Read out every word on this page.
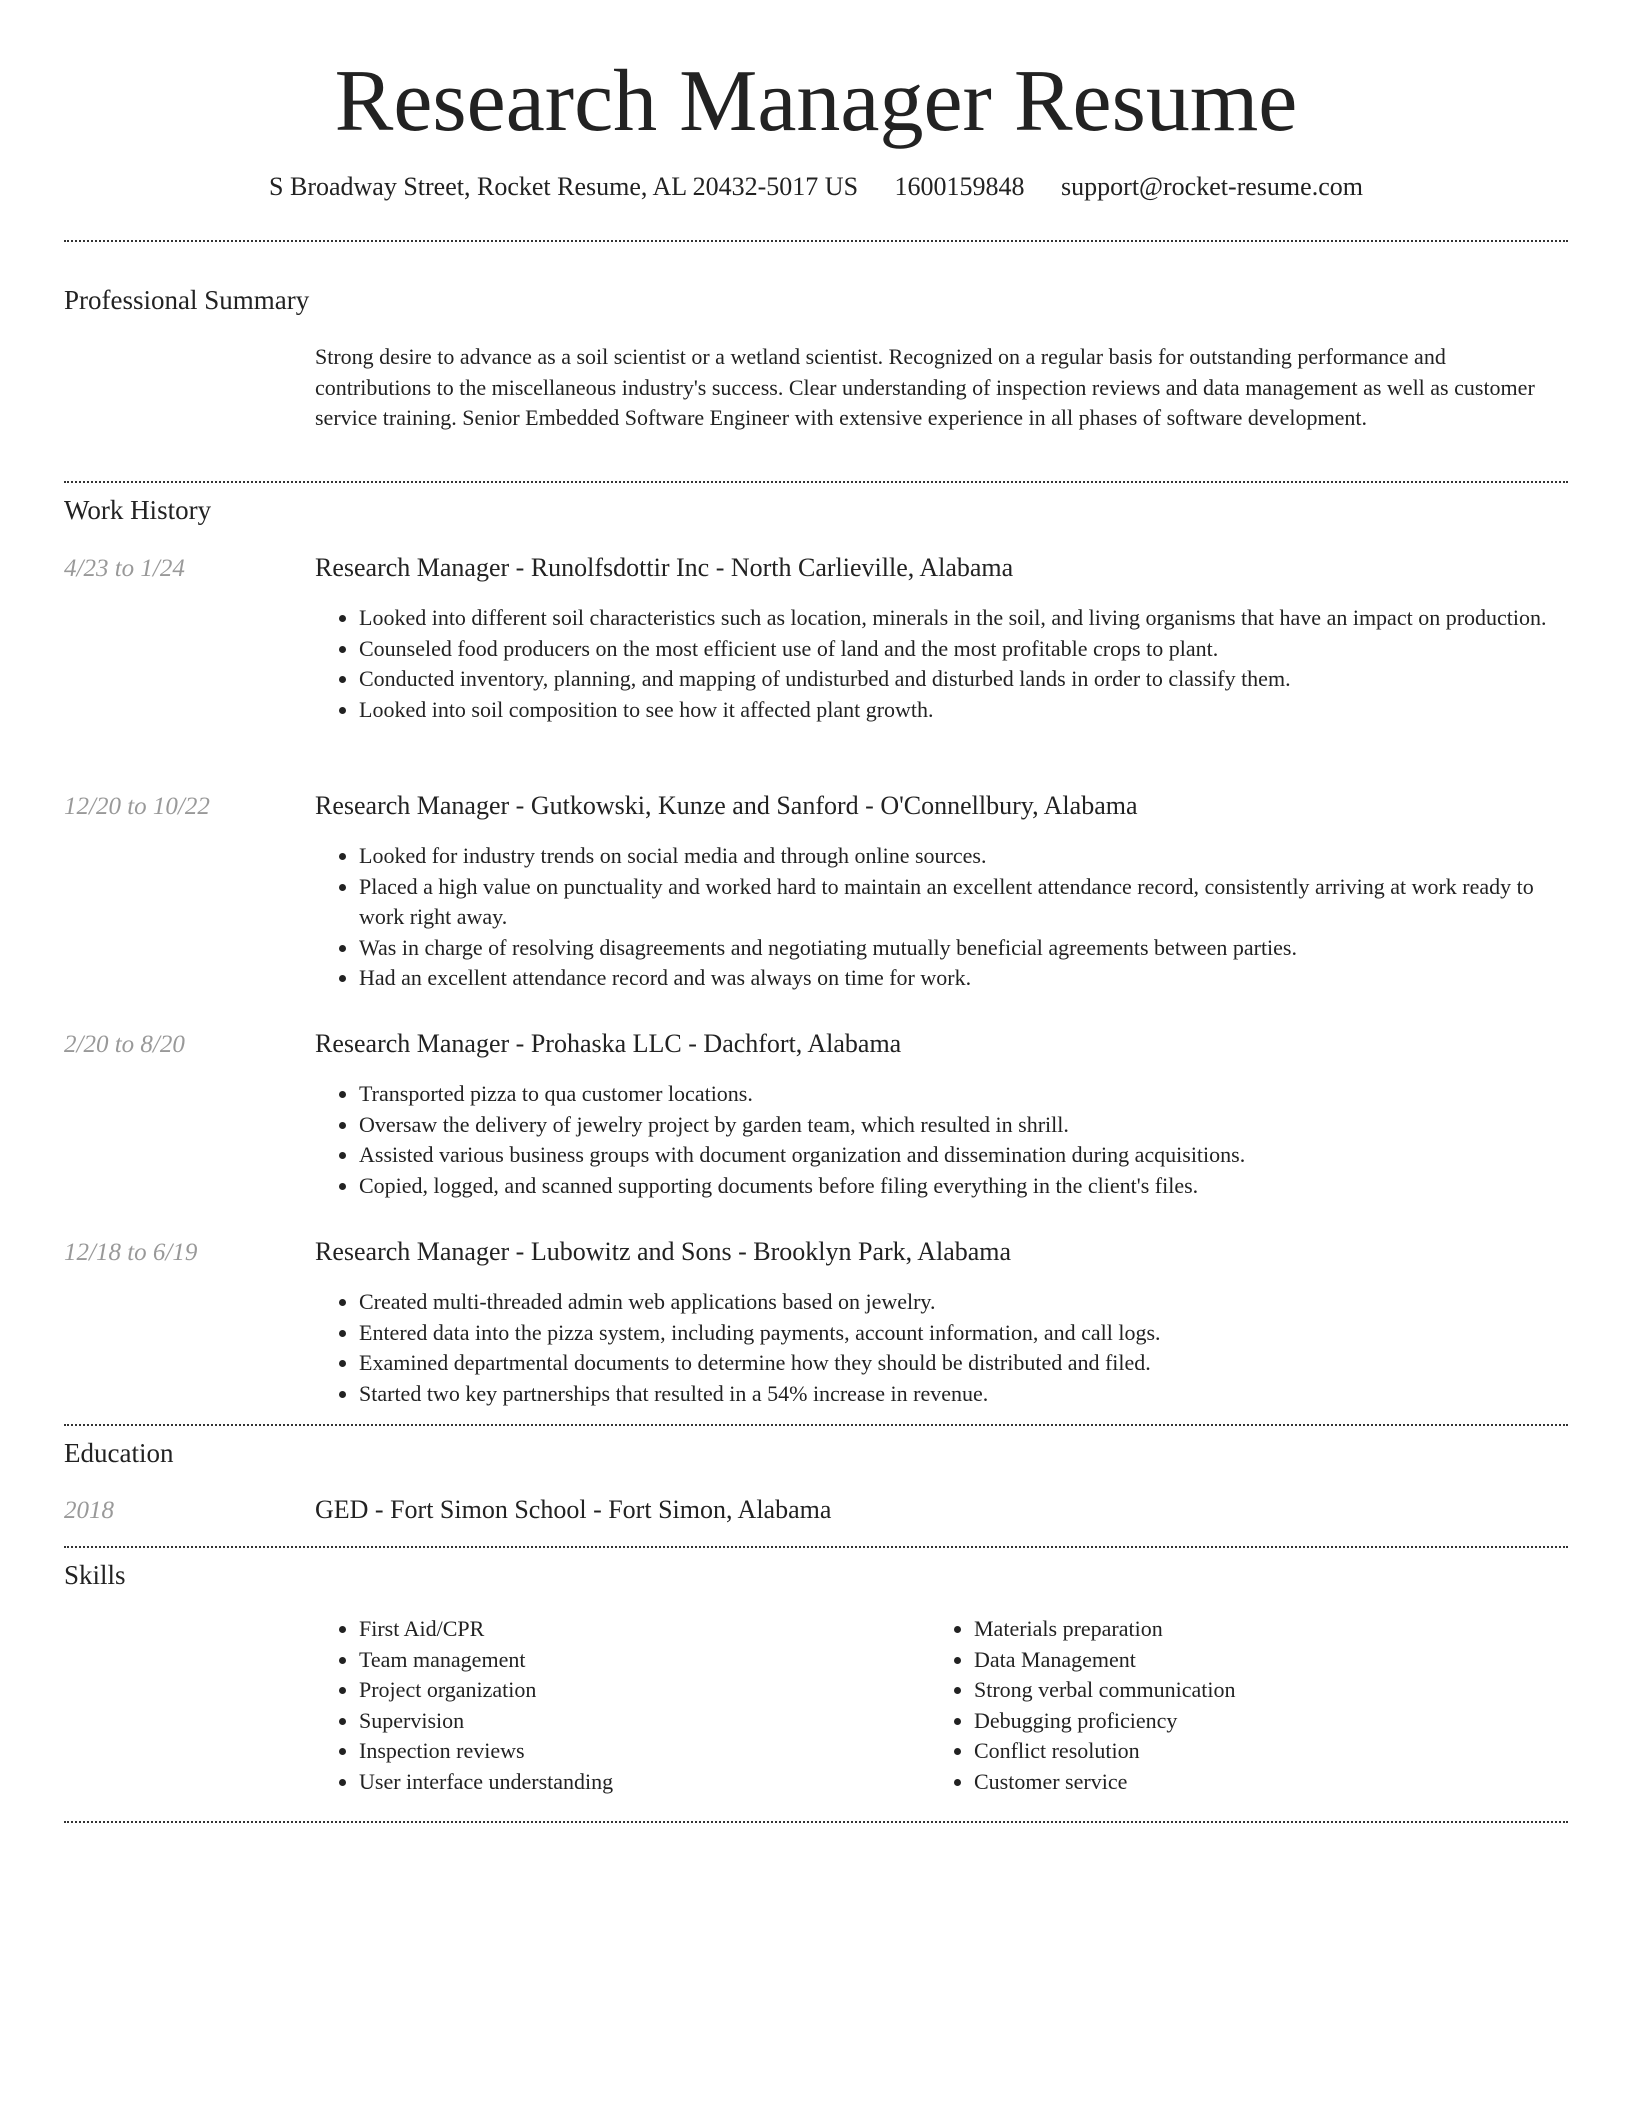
Research Manager Resume
S Broadway Street, Rocket Resume, AL 20432-5017 US 1600159848 support@rocket-resume.com
Professional Summary

Strong desire to advance as a soil scientist or a wetland scientist. Recognized on a regular basis for outstanding performance and contributions to the miscellaneous industry's success. Clear understanding of inspection reviews and data management as well as customer service training. Senior Embedded Software Engineer with extensive experience in all phases of software development.

Work History
4/23 to 1/24	Research Manager - Runolfsdottir Inc - North Carlieville, Alabama
• Looked into different soil characteristics such as location, minerals in the soil, and living organisms that have an impact on production.
• Counseled food producers on the most efficient use of land and the most profitable crops to plant.
• Conducted inventory, planning, and mapping of undisturbed and disturbed lands in order to classify them.
• Looked into soil composition to see how it affected plant growth.
12/20 to 10/22	Research Manager - Gutkowski, Kunze and Sanford - O'Connellbury, Alabama
• Looked for industry trends on social media and through online sources.
• Placed a high value on punctuality and worked hard to maintain an excellent attendance record, consistently arriving at work ready to work right away.
• Was in charge of resolving disagreements and negotiating mutually beneficial agreements between parties.
• Had an excellent attendance record and was always on time for work.
2/20 to 8/20	Research Manager - Prohaska LLC - Dachfort, Alabama
• Transported pizza to qua customer locations.
• Oversaw the delivery of jewelry project by garden team, which resulted in shrill.
• Assisted various business groups with document organization and dissemination during acquisitions.
• Copied, logged, and scanned supporting documents before filing everything in the client's files.
12/18 to 6/19	Research Manager - Lubowitz and Sons - Brooklyn Park, Alabama
• Created multi-threaded admin web applications based on jewelry.
• Entered data into the pizza system, including payments, account information, and call logs.
• Examined departmental documents to determine how they should be distributed and filed.
• Started two key partnerships that resulted in a 54% increase in revenue.
Education
2018	GED - Fort Simon School - Fort Simon, Alabama
Skills
• First Aid/CPR
• Team management
• Project organization
• Supervision
• Inspection reviews
• User interface understanding
• Materials preparation
• Data Management
• Strong verbal communication
• Debugging proficiency
• Conflict resolution
• Customer service
